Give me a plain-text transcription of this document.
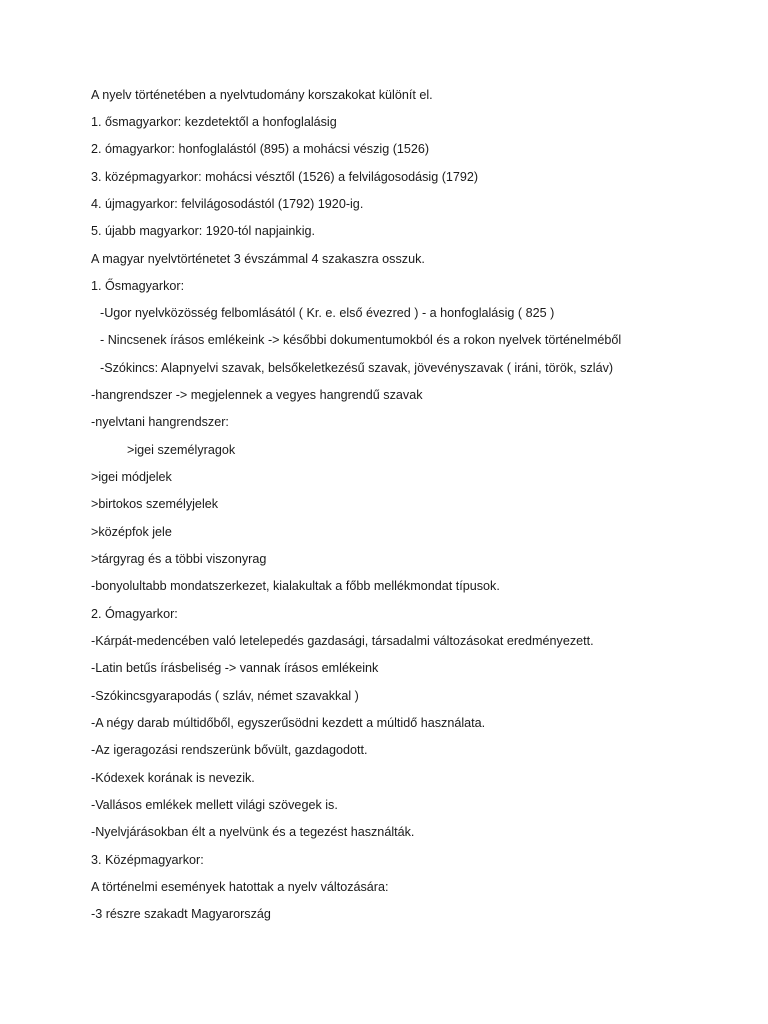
A nyelv történetében a nyelvtudomány korszakokat különít el.
1. ősmagyarkor: kezdetektől a honfoglalásig
2. ómagyarkor: honfoglalástól (895) a mohácsi vészig (1526)
3. középmagyarkor: mohácsi vésztől (1526) a felvilágosodásig (1792)
4. újmagyarkor: felvilágosodástól (1792) 1920-ig.
5. újabb magyarkor: 1920-tól napjainkig.
A magyar nyelvtörténetet 3 évszámmal 4 szakaszra osszuk.
1. Ősmagyarkor:
-Ugor nyelvközösség felbomlásától ( Kr. e. első évezred ) - a honfoglalásig ( 825 )
- Nincsenek írásos emlékeink -> későbbi dokumentumokból és a rokon nyelvek történelméből
-Szókincs: Alapnyelvi szavak, belsőkeletkezésű szavak, jövevényszavak ( iráni, török, szláv)
-hangrendszer -> megjelennek a vegyes hangrendű szavak
-nyelvtani hangrendszer:
>igei személyragok
>igei módjelek
>birtokos személyjelek
>középfok jele
>tárgyrag és a többi viszonyrag
-bonyolultabb mondatszerkezet, kialakultak a főbb mellékmondat típusok.
2. Ómagyarkor:
-Kárpát-medencében való letelepedés gazdasági, társadalmi változásokat eredményezett.
-Latin betűs írásbeliség -> vannak írásos emlékeink
-Szókincsgyarapodás ( szláv, német szavakkal )
-A négy darab múltidőből, egyszerűsödni kezdett a múltidő használata.
-Az igeragozási rendszerünk bővült, gazdagodott.
-Kódexek korának is nevezik.
-Vallásos emlékek mellett világi szövegek is.
-Nyelvjárásokban élt a nyelvünk és a tegezést használták.
3. Középmagyarkor:
A történelmi események hatottak a nyelv változására:
-3 részre szakadt Magyarország
